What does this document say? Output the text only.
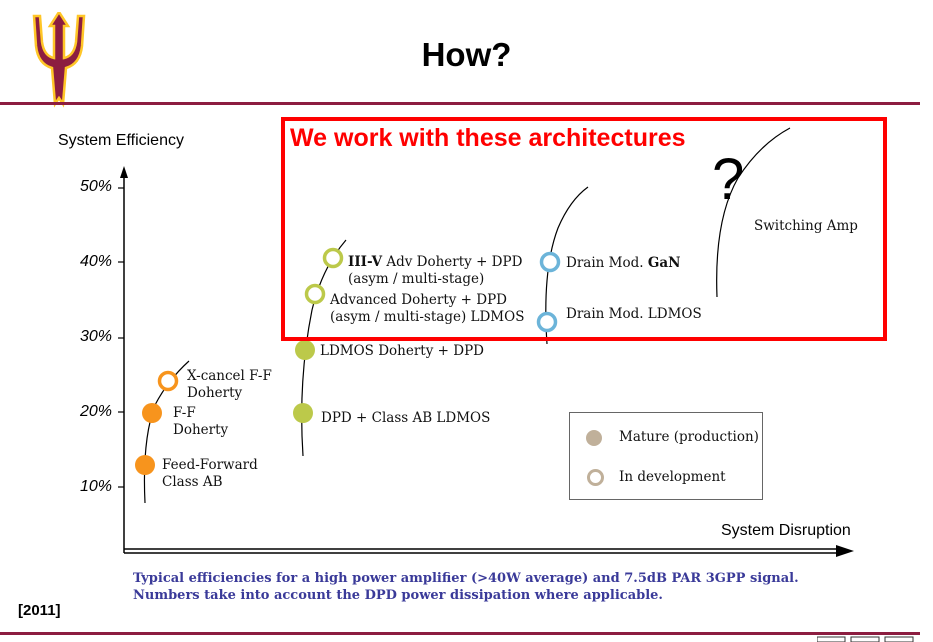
How?
System Efficiency
50%
40%
30%
20%
10%
System Disruption
Feed-Forward
Class AB
F-F
Doherty
X-cancel F-F
Doherty
DPD + Class AB LDMOS
LDMOS Doherty + DPD
Advanced Doherty + DPD
(asym / multi-stage) LDMOS
III-V Adv Doherty + DPD
(asym / multi-stage)
Drain Mod. LDMOS
Drain Mod. GaN
Switching Amp
We work with these architectures
?
Mature (production)
In development
Typical efficiencies for a high power amplifier (>40W average) and 7.5dB PAR 3GPP signal.
Numbers take into account the DPD power dissipation where applicable.
[2011]
